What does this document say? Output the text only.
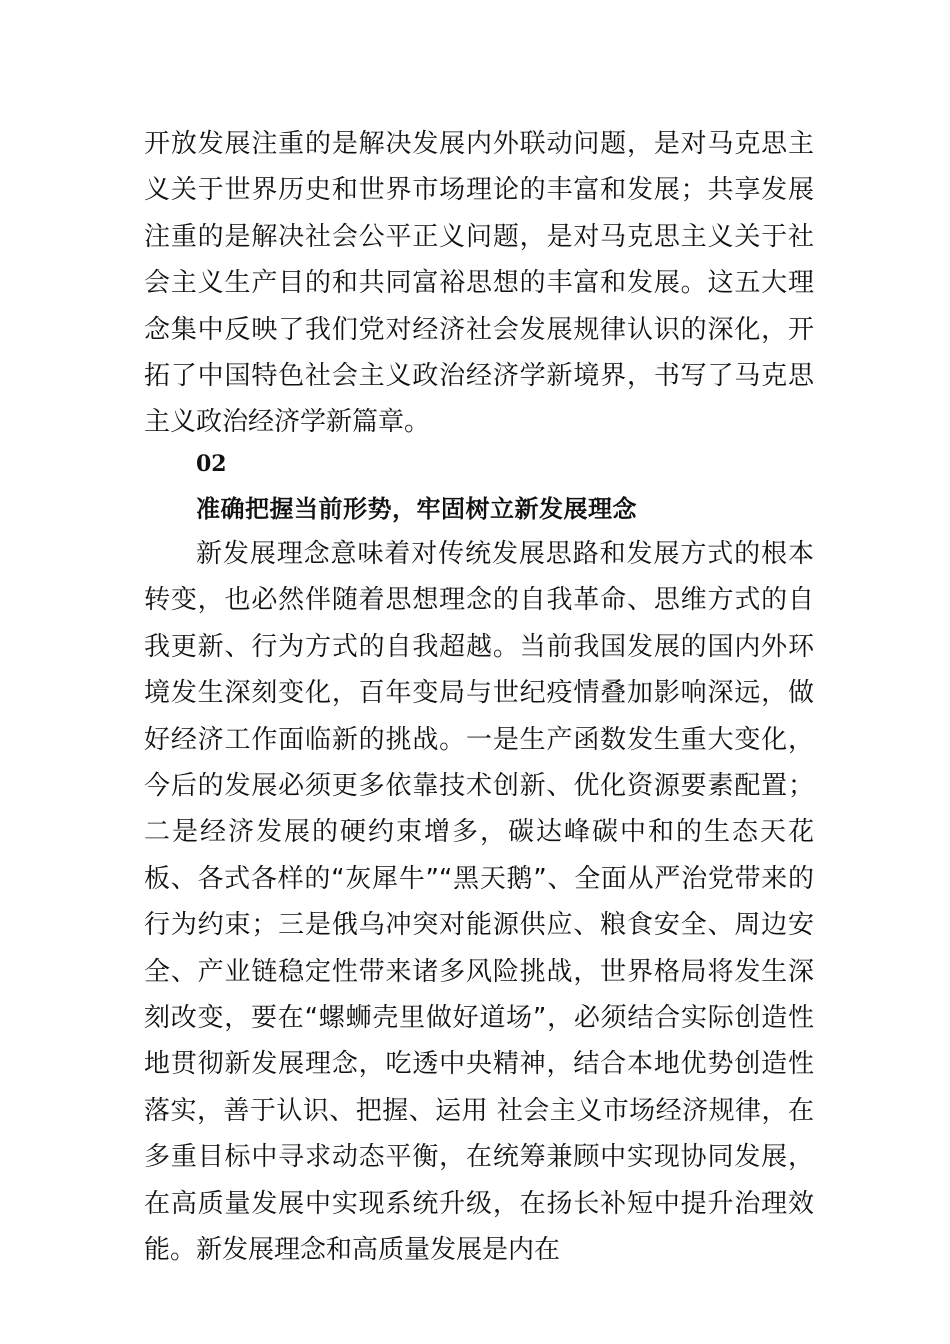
开放发展注重的是解决发展内外联动问题，是对马克思主义关于世界历史和世界市场理论的丰富和发展；共享发展注重的是解决社会公平正义问题，是对马克思主义关于社会主义生产目的和共同富裕思想的丰富和发展。这五大理念集中反映了我们党对经济社会发展规律认识的深化，开拓了中国特色社会主义政治经济学新境界，书写了马克思主义政治经济学新篇章。

02

准确把握当前形势，牢固树立新发展理念

新发展理念意味着对传统发展思路和发展方式的根本转变，也必然伴随着思想理念的自我革命、思维方式的自我更新、行为方式的自我超越。当前我国发展的国内外环境发生深刻变化，百年变局与世纪疫情叠加影响深远，做好经济工作面临新的挑战。一是生产函数发生重大变化，今后的发展必须更多依靠技术创新、优化资源要素配置；二是经济发展的硬约束增多，碳达峰碳中和的生态天花板、各式各样的“灰犀牛”“黑天鹅”、全面从严治党带来的行为约束；三是俄乌冲突对能源供应、粮食安全、周边安全、产业链稳定性带来诸多风险挑战，世界格局将发生深刻改变，要在“螺蛳壳里做好道场”，必须结合实际创造性地贯彻新发展理念，吃透中央精神，结合本地优势创造性落实，善于认识、把握、运用 社会主义市场经济规律，在多重目标中寻求动态平衡，在统筹兼顾中实现协同发展，在高质量发展中实现系统升级，在扬长补短中提升治理效能。新发展理念和高质量发展是内在
